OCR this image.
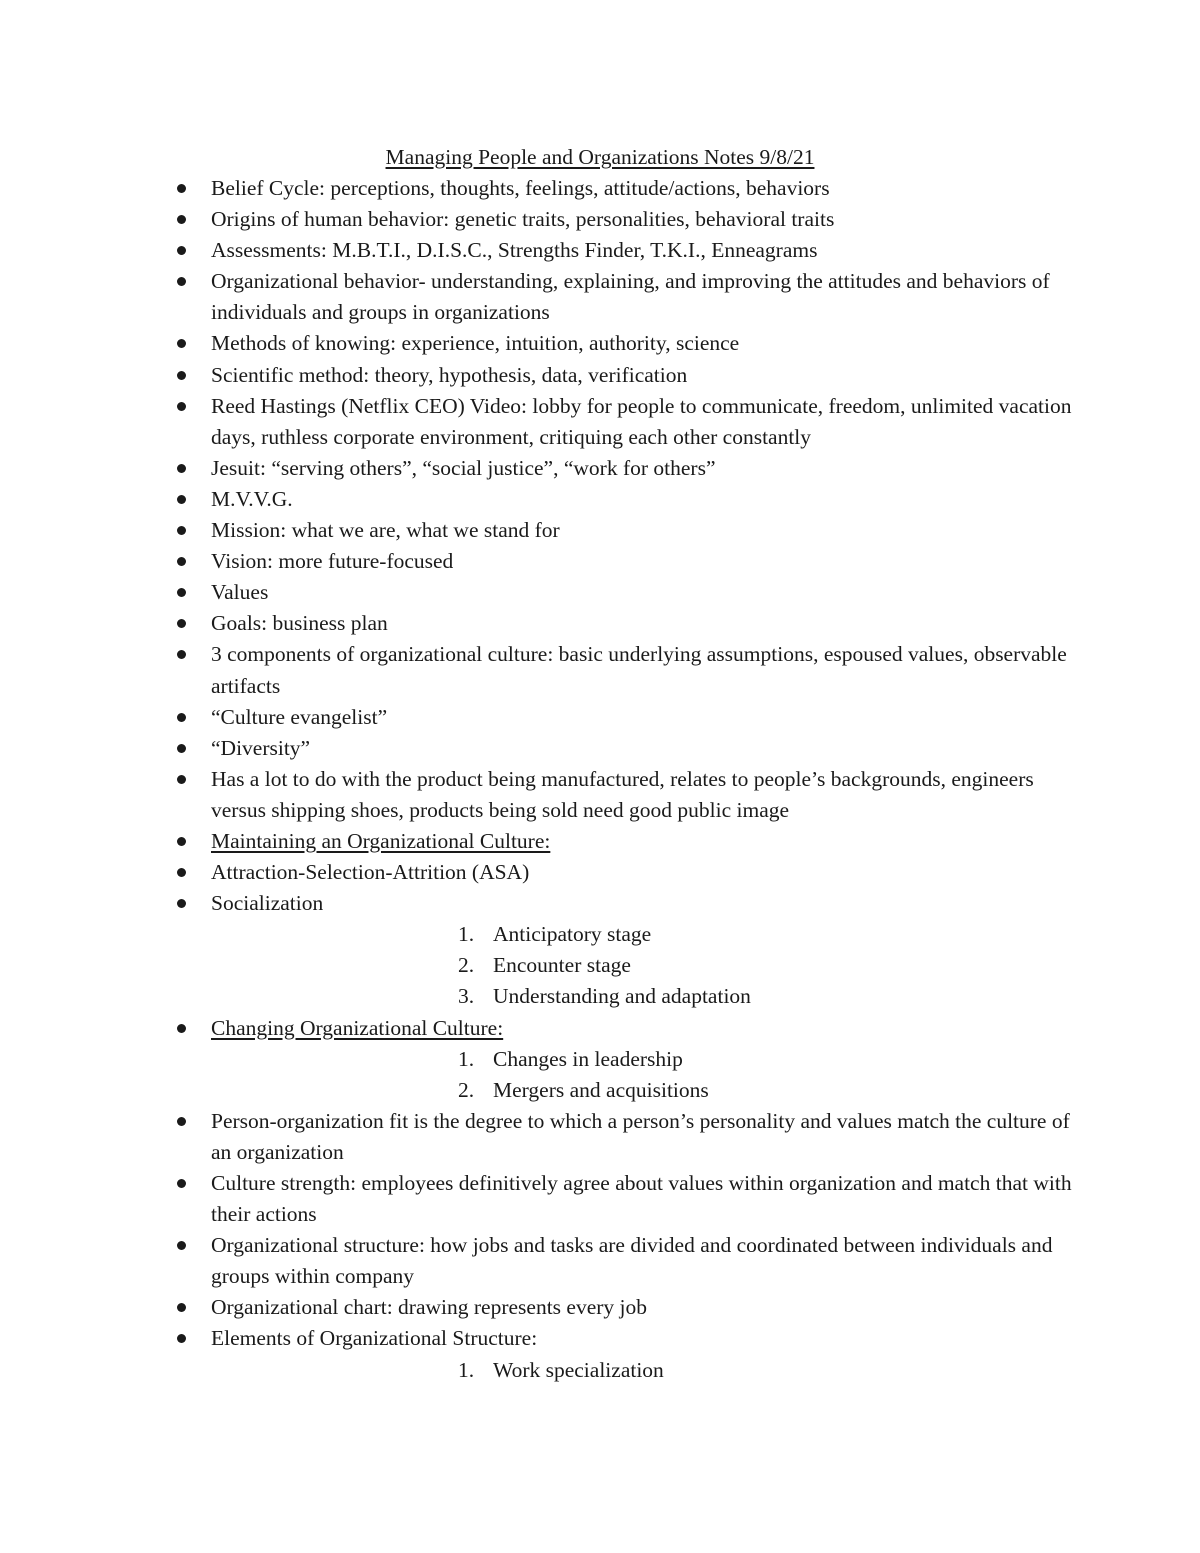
Managing People and Organizations Notes 9/8/21
Belief Cycle: perceptions, thoughts, feelings, attitude/actions, behaviors
Origins of human behavior: genetic traits, personalities, behavioral traits
Assessments: M.B.T.I., D.I.S.C., Strengths Finder, T.K.I., Enneagrams
Organizational behavior- understanding, explaining, and improving the attitudes and behaviors of individuals and groups in organizations
Methods of knowing: experience, intuition, authority, science
Scientific method: theory, hypothesis, data, verification
Reed Hastings (Netflix CEO) Video: lobby for people to communicate, freedom, unlimited vacation days, ruthless corporate environment, critiquing each other constantly
Jesuit: “serving others”, “social justice”, “work for others”
M.V.V.G.
Mission: what we are, what we stand for
Vision: more future-focused
Values
Goals: business plan
3 components of organizational culture: basic underlying assumptions, espoused values, observable artifacts
“Culture evangelist”
“Diversity”
Has a lot to do with the product being manufactured, relates to people’s backgrounds, engineers versus shipping shoes, products being sold need good public image
Maintaining an Organizational Culture:
Attraction-Selection-Attrition (ASA)
Socialization
1. Anticipatory stage
2. Encounter stage
3. Understanding and adaptation
Changing Organizational Culture:
1. Changes in leadership
2. Mergers and acquisitions
Person-organization fit is the degree to which a person’s personality and values match the culture of an organization
Culture strength: employees definitively agree about values within organization and match that with their actions
Organizational structure: how jobs and tasks are divided and coordinated between individuals and groups within company
Organizational chart: drawing represents every job
Elements of Organizational Structure:
1. Work specialization
